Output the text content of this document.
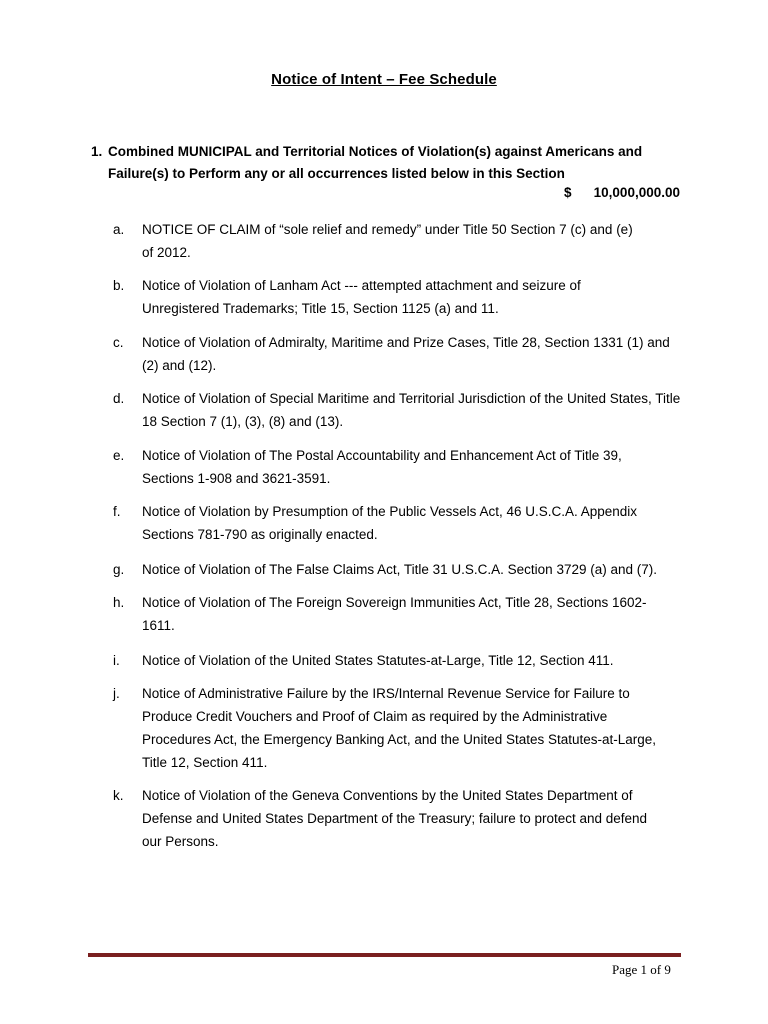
Notice of Intent – Fee Schedule
1. Combined MUNICIPAL and Territorial Notices of Violation(s) against Americans and Failure(s) to Perform any or all occurrences listed below in this Section
$ 10,000,000.00
a. NOTICE OF CLAIM of “sole relief and remedy” under Title 50 Section 7 (c) and (e) of 2012.
b. Notice of Violation of Lanham Act --- attempted attachment and seizure of Unregistered Trademarks; Title 15, Section 1125 (a) and 11.
c. Notice of Violation of Admiralty, Maritime and Prize Cases, Title 28, Section 1331 (1) and (2) and (12).
d. Notice of Violation of Special Maritime and Territorial Jurisdiction of the United States, Title 18 Section 7 (1), (3), (8) and (13).
e. Notice of Violation of The Postal Accountability and Enhancement Act of Title 39, Sections 1-908 and 3621-3591.
f. Notice of Violation by Presumption of the Public Vessels Act, 46 U.S.C.A. Appendix Sections 781-790 as originally enacted.
g. Notice of Violation of The False Claims Act, Title 31 U.S.C.A. Section 3729 (a) and (7).
h. Notice of Violation of The Foreign Sovereign Immunities Act, Title 28, Sections 1602-1611.
i. Notice of Violation of the United States Statutes-at-Large, Title 12, Section 411.
j. Notice of Administrative Failure by the IRS/Internal Revenue Service for Failure to Produce Credit Vouchers and Proof of Claim as required by the Administrative Procedures Act, the Emergency Banking Act, and the United States Statutes-at-Large, Title 12, Section 411.
k. Notice of Violation of the Geneva Conventions by the United States Department of Defense and United States Department of the Treasury; failure to protect and defend our Persons.
Page 1 of 9
